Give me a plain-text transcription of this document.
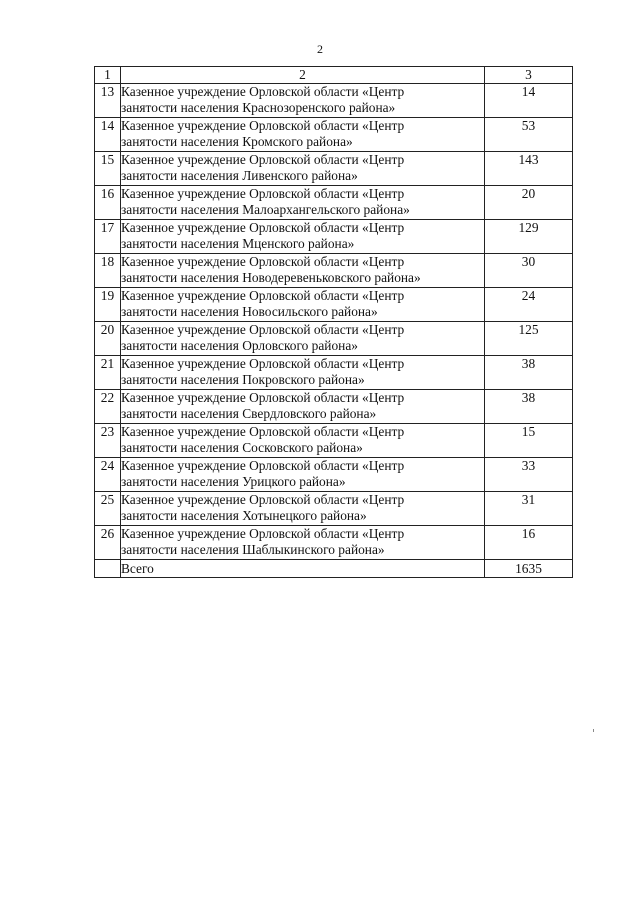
2
1	2	3
13	Казенное учреждение Орловской области «Центр
занятости населения Краснозоренского района»	14
14	Казенное учреждение Орловской области «Центр
занятости населения Кромского района»	53
15	Казенное учреждение Орловской области «Центр
занятости населения Ливенского района»	143
16	Казенное учреждение Орловской области «Центр
занятости населения Малоархангельского района»	20
17	Казенное учреждение Орловской области «Центр
занятости населения Мценского района»	129
18	Казенное учреждение Орловской области «Центр
занятости населения Новодеревеньковского района»	30
19	Казенное учреждение Орловской области «Центр
занятости населения Новосильского района»	24
20	Казенное учреждение Орловской области «Центр
занятости населения Орловского района»	125
21	Казенное учреждение Орловской области «Центр
занятости населения Покровского района»	38
22	Казенное учреждение Орловской области «Центр
занятости населения Свердловского района»	38
23	Казенное учреждение Орловской области «Центр
занятости населения Сосковского района»	15
24	Казенное учреждение Орловской области «Центр
занятости населения Урицкого района»	33
25	Казенное учреждение Орловской области «Центр
занятости населения Хотынецкого района»	31
26	Казенное учреждение Орловской области «Центр
занятости населения Шаблыкинского района»	16
	Всего	1635
